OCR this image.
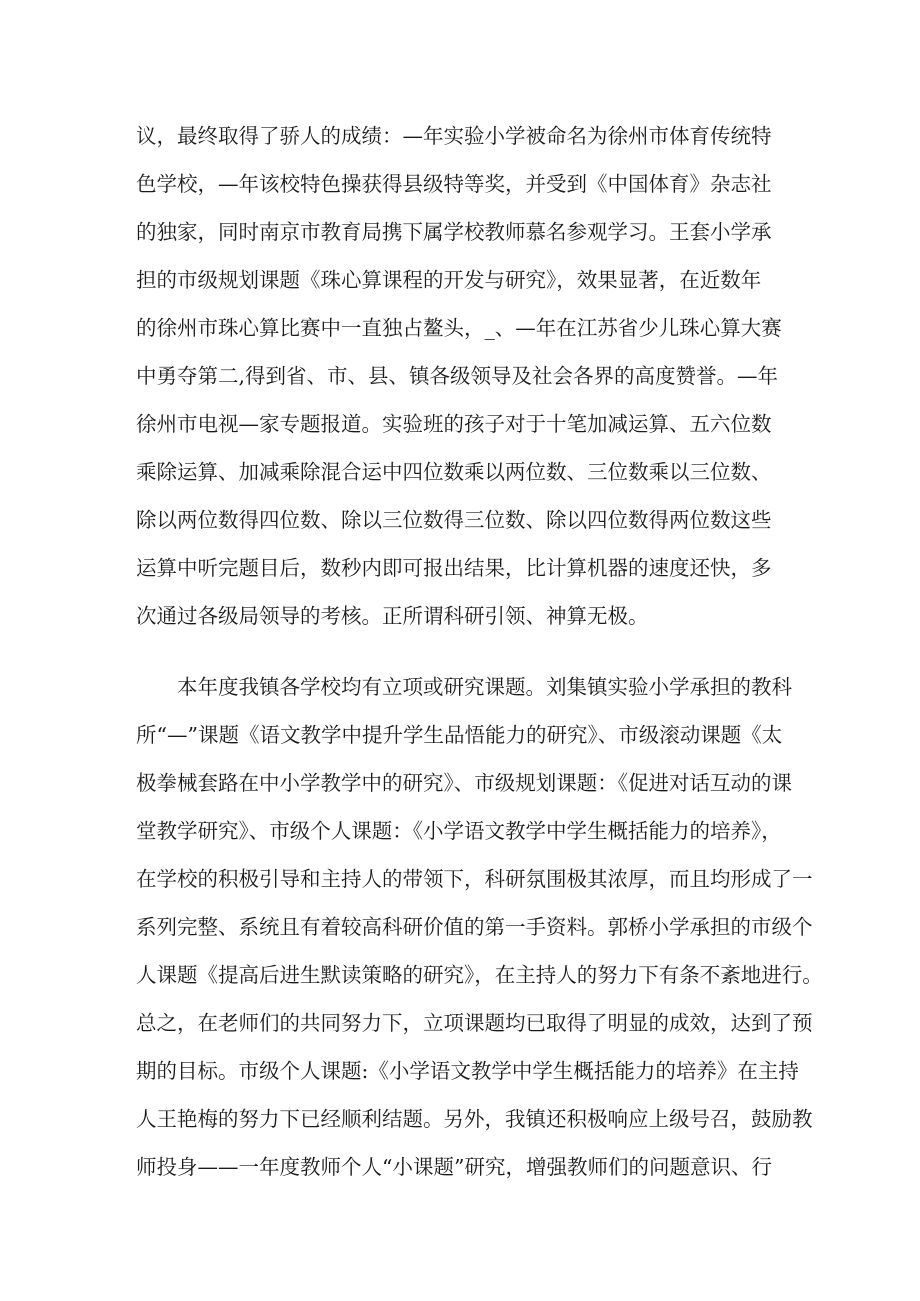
议，最终取得了骄人的成绩：—年实验小学被命名为徐州市体育传统特
色学校，—年该校特色操获得县级特等奖，并受到《中国体育》杂志社
的独家，同时南京市教育局携下属学校教师慕名参观学习。王套小学承
担的市级规划课题《珠心算课程的开发与研究》，效果显著，在近数年
的徐州市珠心算比赛中一直独占鳌头，_、—年在江苏省少儿珠心算大赛
中勇夺第二,得到省、市、县、镇各级领导及社会各界的高度赞誉。—年
徐州市电视—家专题报道。实验班的孩子对于十笔加减运算、五六位数
乘除运算、加减乘除混合运中四位数乘以两位数、三位数乘以三位数、
除以两位数得四位数、除以三位数得三位数、除以四位数得两位数这些
运算中听完题目后，数秒内即可报出结果，比计算机器的速度还快，多
次通过各级局领导的考核。正所谓科研引领、神算无极。
本年度我镇各学校均有立项或研究课题。刘集镇实验小学承担的教科
所“—”课题《语文教学中提升学生品悟能力的研究》、市级滚动课题《太
极拳械套路在中小学教学中的研究》、市级规划课题：《促进对话互动的课
堂教学研究》、市级个人课题：《小学语文教学中学生概括能力的培养》，
在学校的积极引导和主持人的带领下，科研氛围极其浓厚，而且均形成了一
系列完整、系统且有着较高科研价值的第一手资料。郭桥小学承担的市级个
人课题《提高后进生默读策略的研究》，在主持人的努力下有条不紊地进行。
总之，在老师们的共同努力下，立项课题均已取得了明显的成效，达到了预
期的目标。市级个人课题:《小学语文教学中学生概括能力的培养》在主持
人王艳梅的努力下已经顺利结题。另外，我镇还积极响应上级号召，鼓励教
师投身——一年度教师个人“小课题”研究，增强教师们的问题意识、行
